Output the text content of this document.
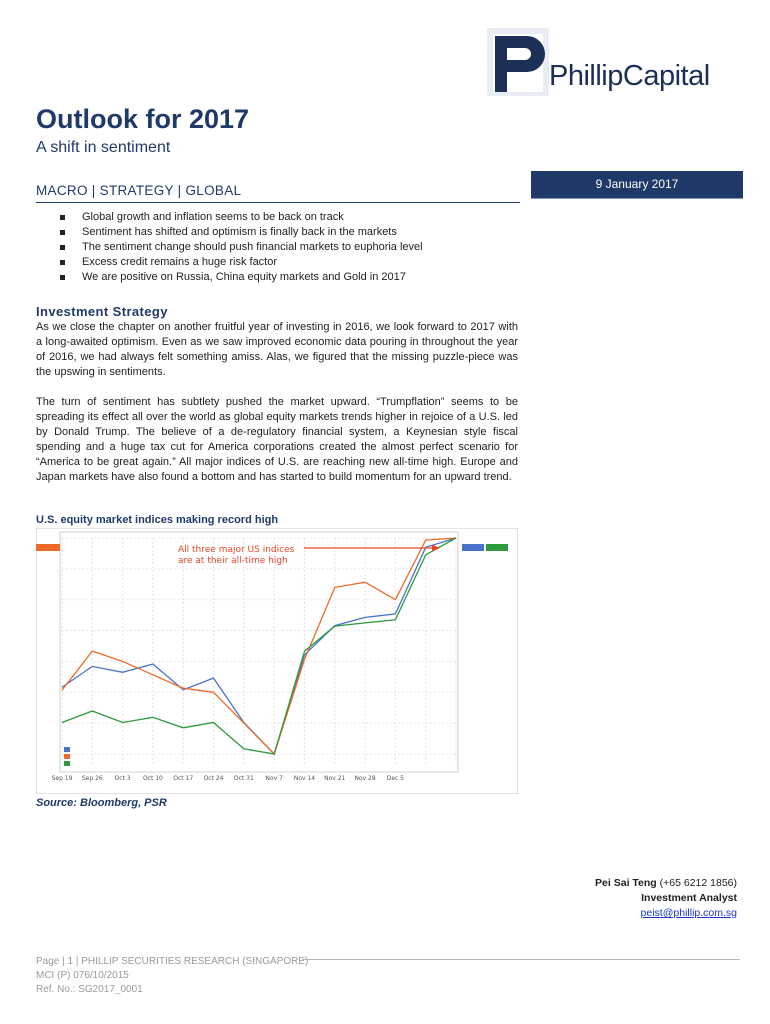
PhillipCapital
Outlook for 2017
A shift in sentiment
MACRO | STRATEGY | GLOBAL	9 January 2017
Global growth and inflation seems to be back on track
Sentiment has shifted and optimism is finally back in the markets
The sentiment change should push financial markets to euphoria level
Excess credit remains a huge risk factor
We are positive on Russia, China equity markets and Gold in 2017
Investment Strategy
As we close the chapter on another fruitful year of investing in 2016, we look forward to 2017 with a long-awaited optimism. Even as we saw improved economic data pouring in throughout the year of 2016, we had always felt something amiss. Alas, we figured that the missing puzzle-piece was the upswing in sentiments.
The turn of sentiment has subtlety pushed the market upward. “Trumpflation” seems to be spreading its effect all over the world as global equity markets trends higher in rejoice of a U.S. led by Donald Trump. The believe of a de-regulatory financial system, a Keynesian style fiscal spending and a huge tax cut for America corporations created the almost perfect scenario for “America to be great again.” All major indices of U.S. are reaching new all-time high. Europe and Japan markets have also found a bottom and has started to build momentum for an upward trend.
U.S. equity market indices making record high
Sep 19 Sep 26 Oct 3 Oct 10 Oct 17 Oct 24 Oct 31 Nov 7 Nov 14 Nov 21 Nov 28 Dec 5
All three major US indices
are at their all-time high
Source: Bloomberg, PSR
Pei Sai Teng (+65 6212 1856)
Investment Analyst
peist@phillip.com.sg
Page | 1 | PHILLIP SECURITIES RESEARCH (SINGAPORE)
MCI (P) 076/10/2015
Ref. No.: SG2017_0001
